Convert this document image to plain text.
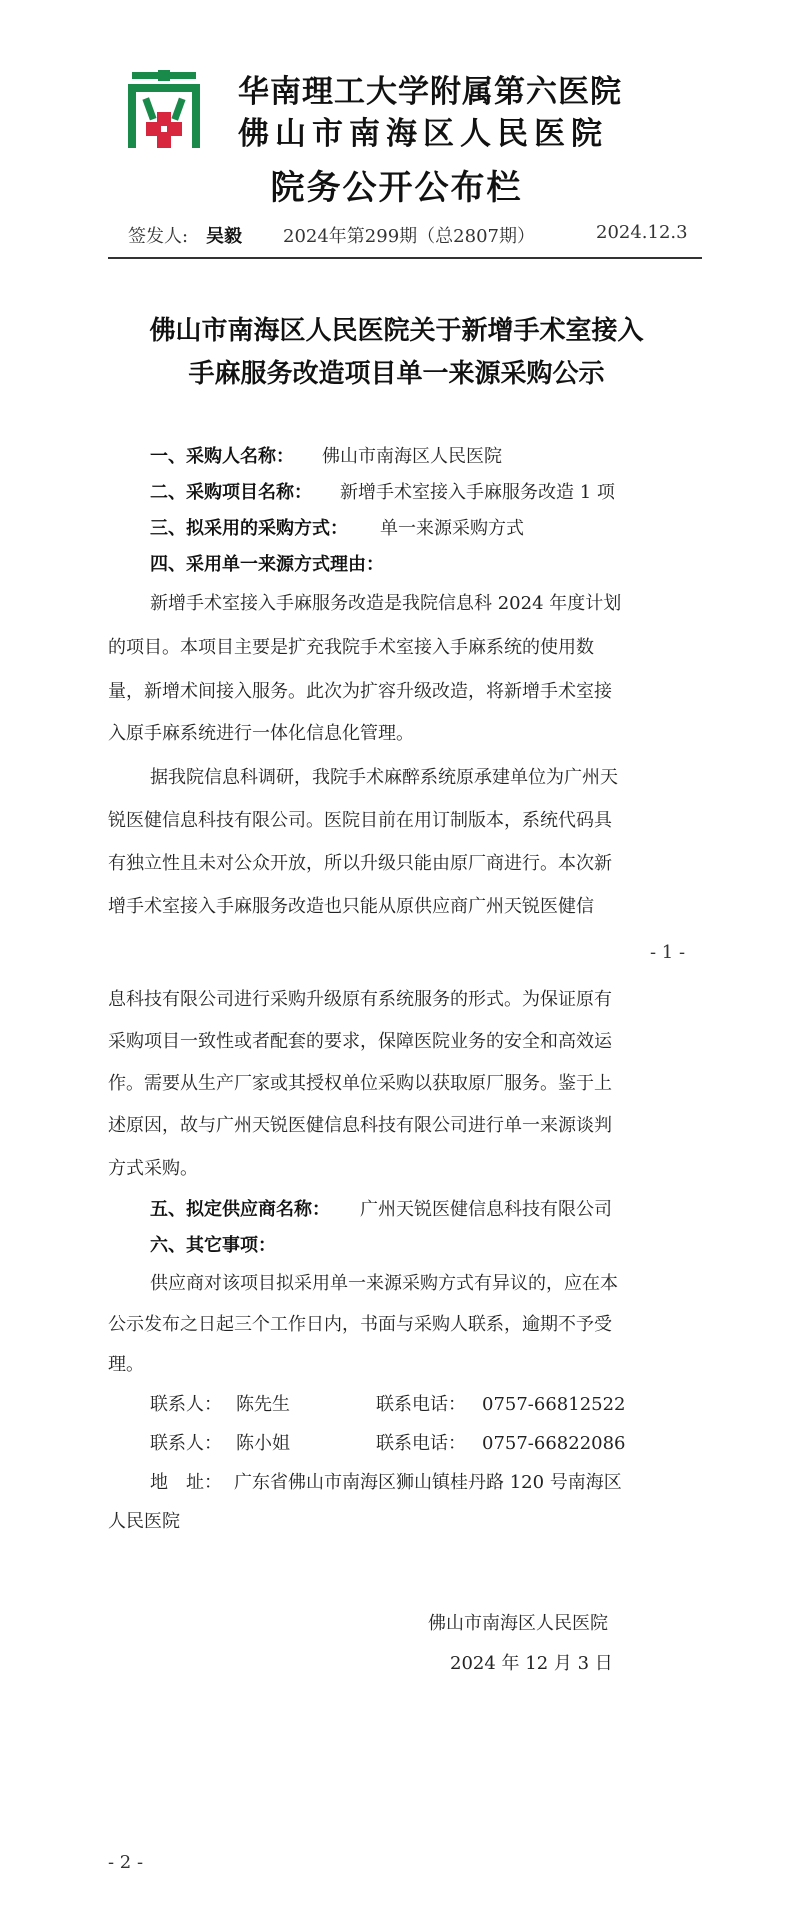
华南理工大学附属第六医院
佛山市南海区人民医院
院务公开公布栏
签发人: 吴毅 2024年第299期（总2807期）	2024.12.3
佛山市南海区人民医院关于新增手术室接入
手麻服务改造项目单一来源采购公示
一、采购人名称： 佛山市南海区人民医院
二、采购项目名称： 新增手术室接入手麻服务改造 1 项
三、拟采用的采购方式： 单一来源采购方式
四、采用单一来源方式理由：
新增手术室接入手麻服务改造是我院信息科 2024 年度计划
的项目。本项目主要是扩充我院手术室接入手麻系统的使用数
量，新增术间接入服务。此次为扩容升级改造，将新增手术室接
入原手麻系统进行一体化信息化管理。
据我院信息科调研，我院手术麻醉系统原承建单位为广州天
锐医健信息科技有限公司。医院目前在用订制版本，系统代码具
有独立性且未对公众开放，所以升级只能由原厂商进行。本次新
增手术室接入手麻服务改造也只能从原供应商广州天锐医健信
- 1 -
息科技有限公司进行采购升级原有系统服务的形式。为保证原有
采购项目一致性或者配套的要求，保障医院业务的安全和高效运
作。需要从生产厂家或其授权单位采购以获取原厂服务。鉴于上
述原因，故与广州天锐医健信息科技有限公司进行单一来源谈判
方式采购。
五、拟定供应商名称： 广州天锐医健信息科技有限公司
六、其它事项：
供应商对该项目拟采用单一来源采购方式有异议的，应在本
公示发布之日起三个工作日内，书面与采购人联系，逾期不予受
理。
联系人： 陈先生	联系电话： 0757-66812522
联系人： 陈小姐	联系电话： 0757-66822086
地　址： 广东省佛山市南海区狮山镇桂丹路 120 号南海区
人民医院
佛山市南海区人民医院
2024 年 12 月 3 日
- 2 -
